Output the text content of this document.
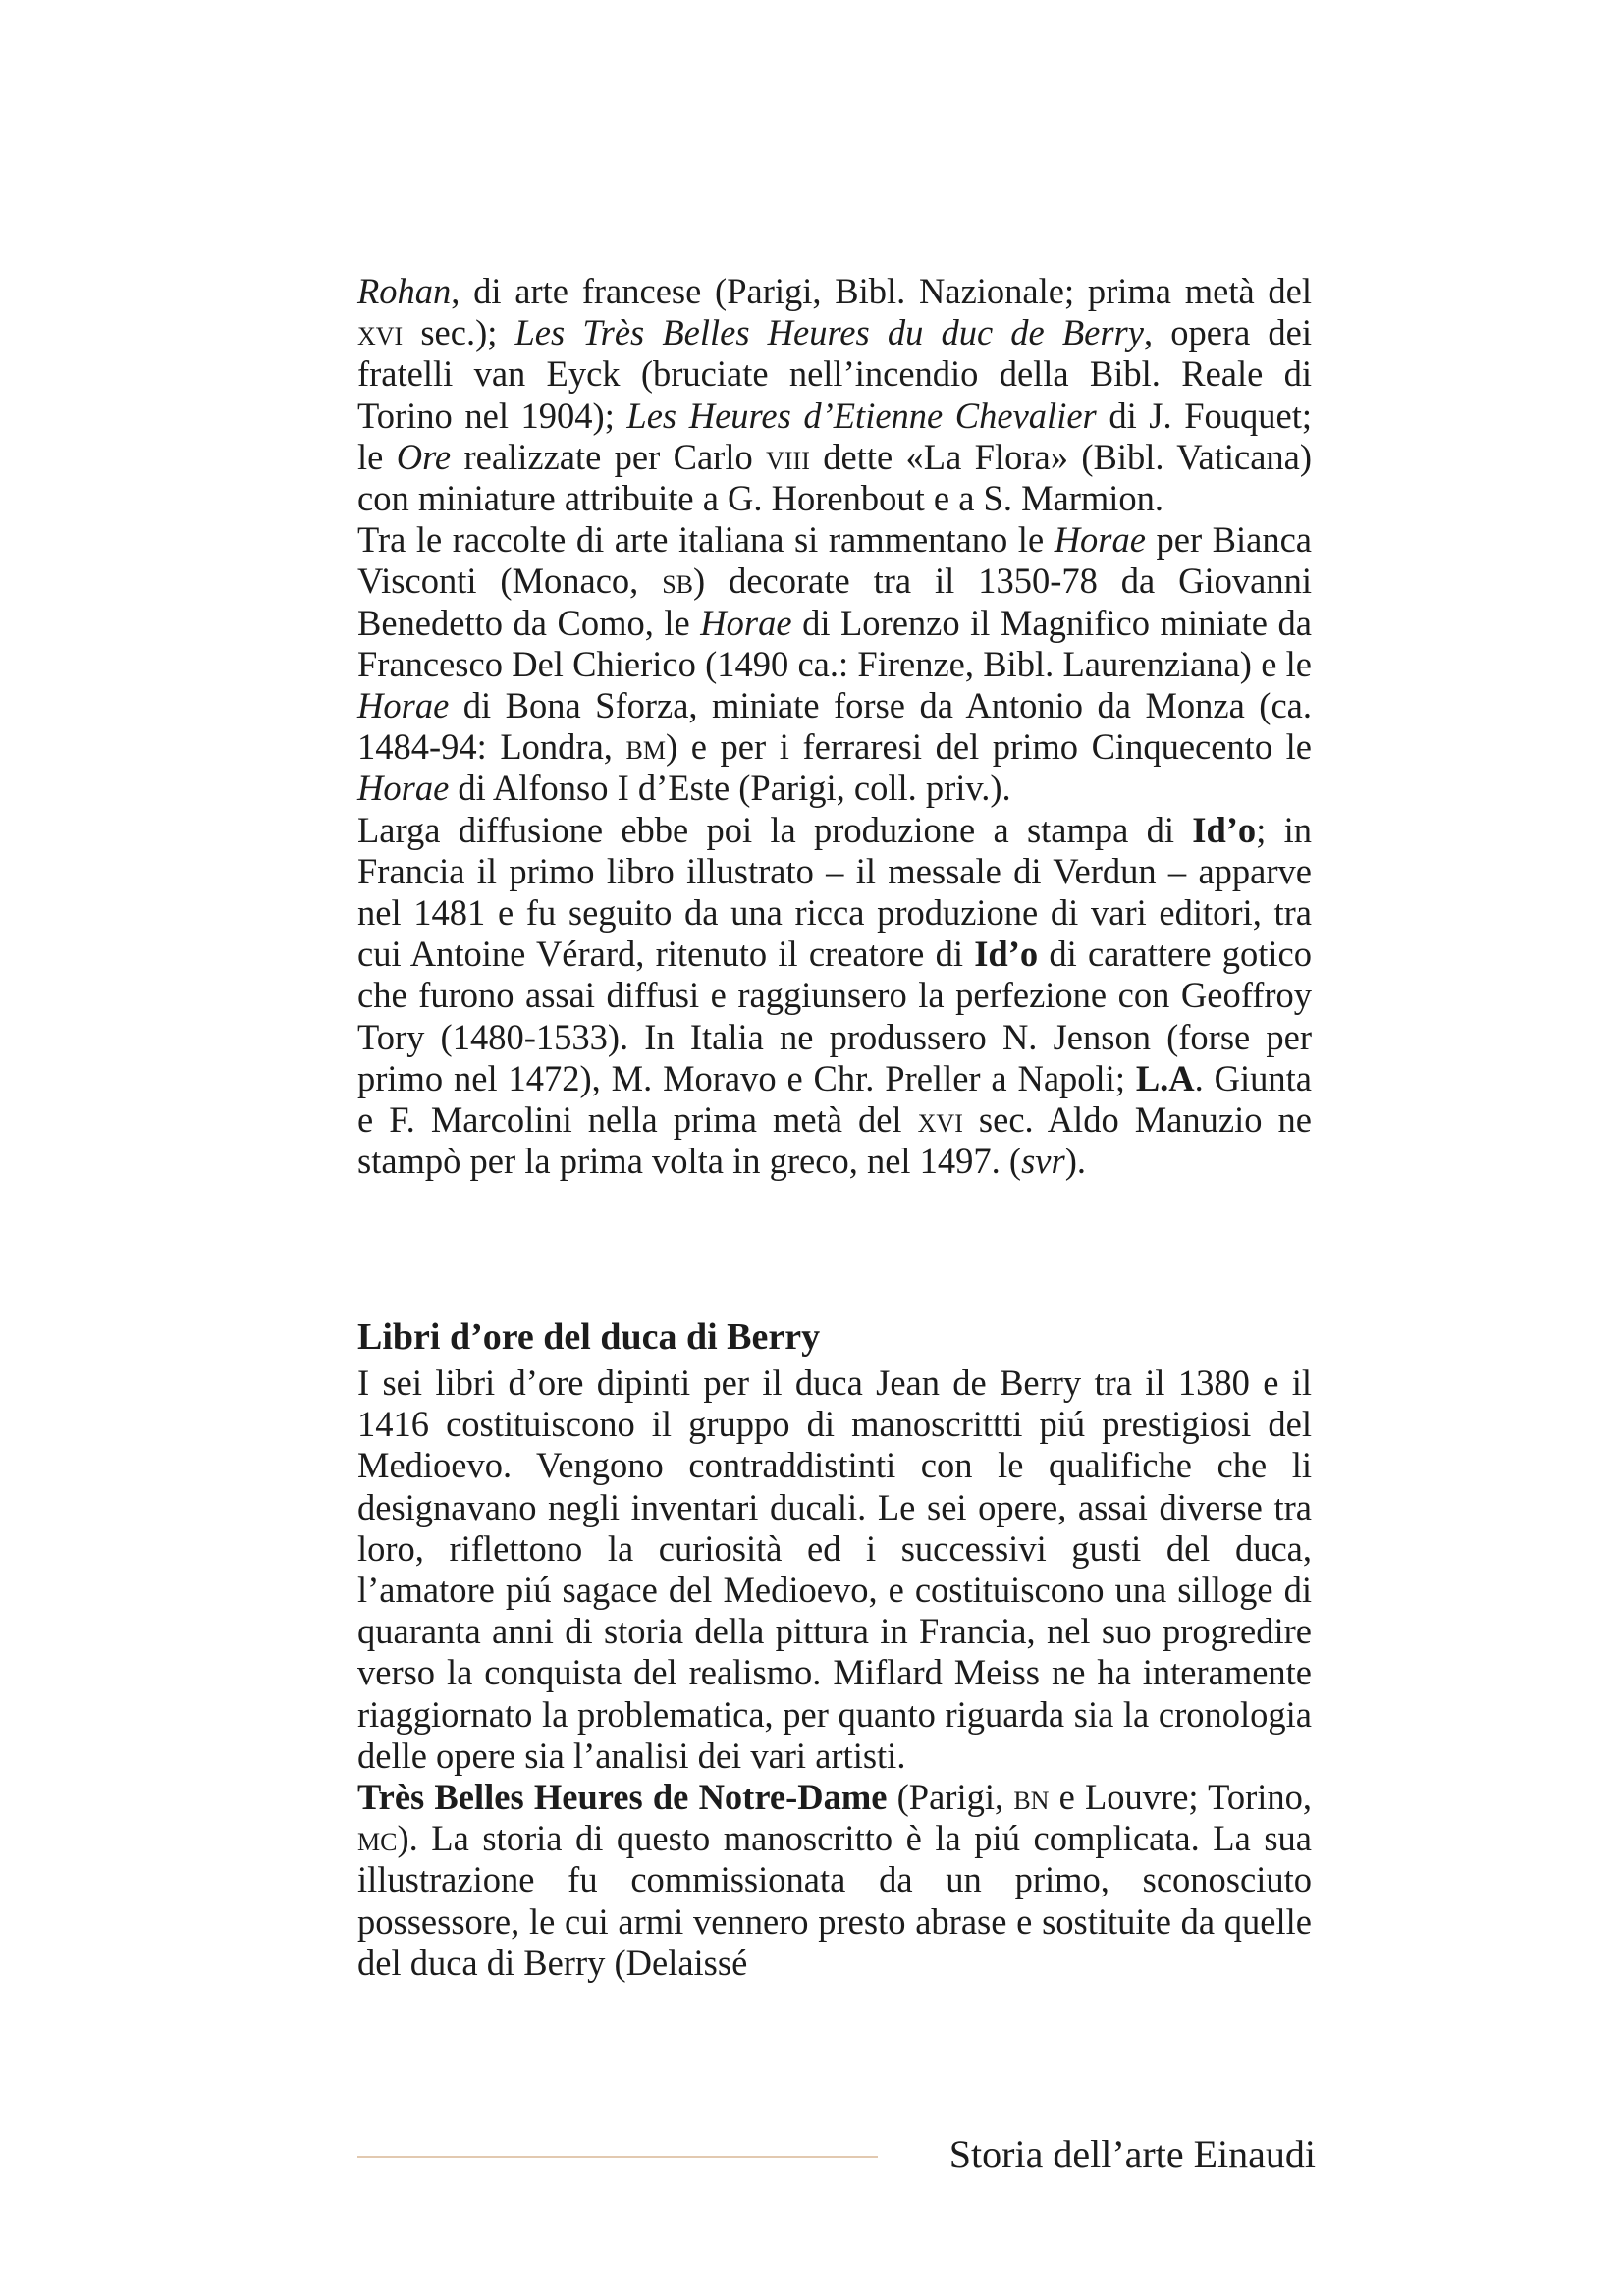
Rohan, di arte francese (Parigi, Bibl. Nazionale; prima metà del xvi sec.); Les Très Belles Heures du duc de Berry, opera dei fratelli van Eyck (bruciate nell’incendio della Bibl. Reale di Torino nel 1904); Les Heures d’Etienne Chevalier di J. Fouquet; le Ore realizzate per Carlo viii dette «La Flora» (Bibl. Vaticana) con miniature attribuite a G. Horenbout e a S. Marmion.

Tra le raccolte di arte italiana si rammentano le Horae per Bianca Visconti (Monaco, sb) decorate tra il 1350-78 da Giovanni Benedetto da Como, le Horae di Lorenzo il Magnifico miniate da Francesco Del Chierico (1490 ca.: Firenze, Bibl. Laurenziana) e le Horae di Bona Sforza, miniate forse da Antonio da Monza (ca. 1484-94: Londra, bm) e per i ferraresi del primo Cinquecento le Horae di Alfonso I d’Este (Parigi, coll. priv.).

Larga diffusione ebbe poi la produzione a stampa di Id’o; in Francia il primo libro illustrato – il messale di Verdun – apparve nel 1481 e fu seguito da una ricca produzione di vari editori, tra cui Antoine Vérard, ritenuto il creatore di Id’o di carattere gotico che furono assai diffusi e raggiunsero la perfezione con Geoffroy Tory (1480-1533). In Italia ne produssero N. Jenson (forse per primo nel 1472), M. Moravo e Chr. Preller a Napoli; L.A. Giunta e F. Marcolini nella prima metà del xvi sec. Aldo Manuzio ne stampò per la prima volta in greco, nel 1497. (svr).

Libri d’ore del duca di Berry

I sei libri d’ore dipinti per il duca Jean de Berry tra il 1380 e il 1416 costituiscono il gruppo di manoscrittti piú prestigiosi del Medioevo. Vengono contraddistinti con le qualifiche che li designavano negli inventari ducali. Le sei opere, assai diverse tra loro, riflettono la curiosità ed i successivi gusti del duca, l’amatore piú sagace del Medioevo, e costituiscono una silloge di quaranta anni di storia della pittura in Francia, nel suo progredire verso la conquista del realismo. Miflard Meiss ne ha interamente riaggiornato la problematica, per quanto riguarda sia la cronologia delle opere sia l’analisi dei vari artisti.

Très Belles Heures de Notre-Dame (Parigi, bn e Louvre; Torino, mc). La storia di questo manoscritto è la piú complicata. La sua illustrazione fu commissionata da un primo, sconosciuto possessore, le cui armi vennero presto abrase e sostituite da quelle del duca di Berry (Delaissé

Storia dell’arte Einaudi
